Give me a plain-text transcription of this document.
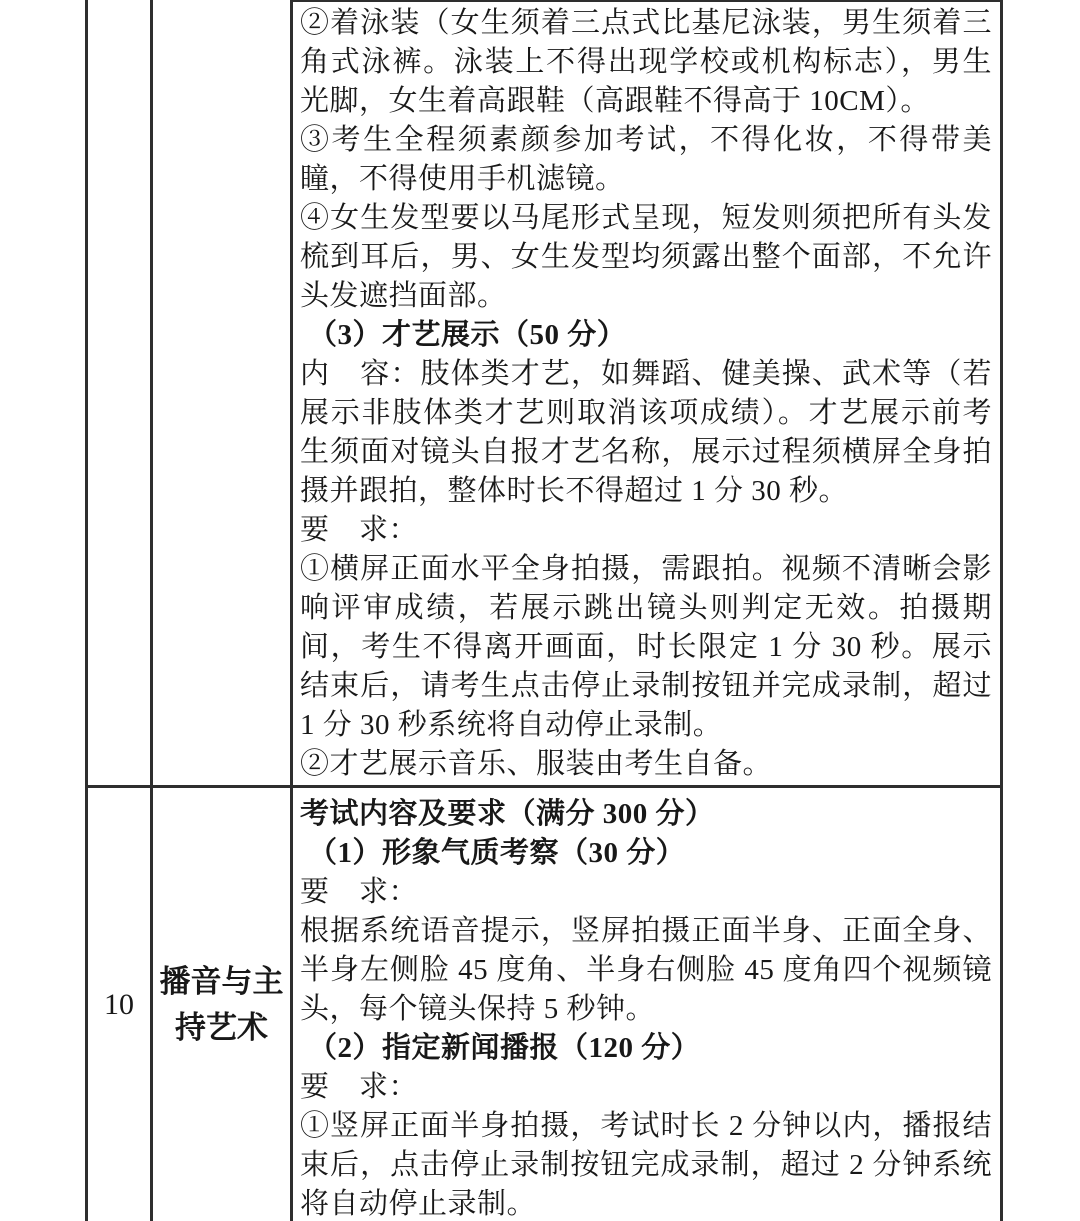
②着泳装（女生须着三点式比基尼泳装，男生须着三角式泳裤。泳装上不得出现学校或机构标志），男生光脚，女生着高跟鞋（高跟鞋不得高于 10CM）。
③考生全程须素颜参加考试，不得化妆，不得带美瞳，不得使用手机滤镜。
④女生发型要以马尾形式呈现，短发则须把所有头发梳到耳后，男、女生发型均须露出整个面部，不允许头发遮挡面部。
（3）才艺展示（50 分）
内　容：肢体类才艺，如舞蹈、健美操、武术等（若展示非肢体类才艺则取消该项成绩）。才艺展示前考生须面对镜头自报才艺名称，展示过程须横屏全身拍摄并跟拍，整体时长不得超过 1 分 30 秒。
要　求：
①横屏正面水平全身拍摄，需跟拍。视频不清晰会影响评审成绩，若展示跳出镜头则判定无效。拍摄期间，考生不得离开画面，时长限定 1 分 30 秒。展示结束后，请考生点击停止录制按钮并完成录制，超过 1 分 30 秒系统将自动停止录制。
②才艺展示音乐、服装由考生自备。
10
播音与主持艺术
考试内容及要求（满分 300 分）
（1）形象气质考察（30 分）
要　求：
根据系统语音提示，竖屏拍摄正面半身、正面全身、半身左侧脸 45 度角、半身右侧脸 45 度角四个视频镜头，每个镜头保持 5 秒钟。
（2）指定新闻播报（120 分）
要　求：
①竖屏正面半身拍摄，考试时长 2 分钟以内，播报结束后，点击停止录制按钮完成录制，超过 2 分钟系统将自动停止录制。
